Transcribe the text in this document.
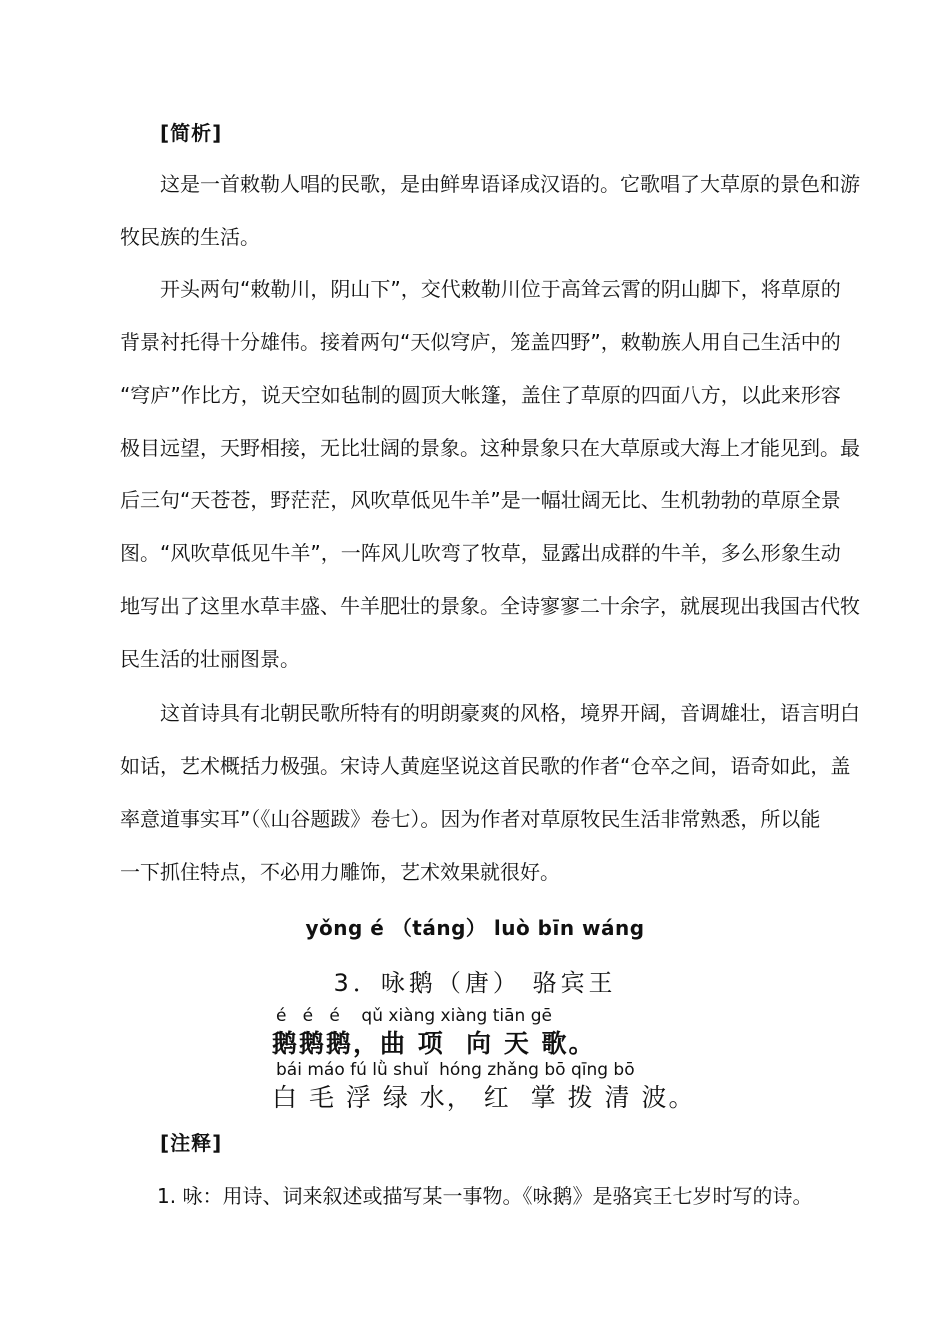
[简析]
　　这是一首敕勒人唱的民歌，是由鲜卑语译成汉语的。它歌唱了大草原的景色和游
牧民族的生活。
　　开头两句“敕勒川，阴山下”，交代敕勒川位于高耸云霄的阴山脚下，将草原的
背景衬托得十分雄伟。接着两句“天似穹庐，笼盖四野”，敕勒族人用自己生活中的
“穹庐”作比方，说天空如毡制的圆顶大帐篷，盖住了草原的四面八方，以此来形容
极目远望，天野相接，无比壮阔的景象。这种景象只在大草原或大海上才能见到。最
后三句“天苍苍，野茫茫，风吹草低见牛羊”是一幅壮阔无比、生机勃勃的草原全景
图。“风吹草低见牛羊”，一阵风儿吹弯了牧草，显露出成群的牛羊，多么形象生动
地写出了这里水草丰盛、牛羊肥壮的景象。全诗寥寥二十余字，就展现出我国古代牧
民生活的壮丽图景。
　　这首诗具有北朝民歌所特有的明朗豪爽的风格，境界开阔，音调雄壮，语言明白
如话，艺术概括力极强。宋诗人黄庭坚说这首民歌的作者“仓卒之间，语奇如此，盖
率意道事实耳”（《山谷题跋》卷七）。因为作者对草原牧民生活非常熟悉，所以能
一下抓住特点，不必用力雕饰，艺术效果就很好。
yǒng é （táng） luò bīn wáng
3．咏鹅（唐） 骆宾王
é   é   é    qǔ xiàng xiàng tiān gē
鹅鹅鹅，曲 项  向 天 歌。
bái máo fú lǜ shuǐ  hóng zhǎng bō qīng bō
白 毛 浮 绿 水， 红  掌 拨 清 波。
[注释]
1. 咏：用诗、词来叙述或描写某一事物。《咏鹅》是骆宾王七岁时写的诗。
